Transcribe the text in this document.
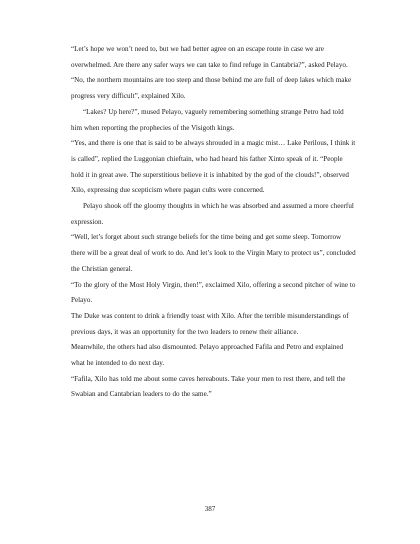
“Let’s hope we won’t need to, but we had better agree on an escape route in case we are overwhelmed. Are there any safer ways we can take to find refuge in Cantabria?”, asked Pelayo.

“No, the northern mountains are too steep and those behind me are full of deep lakes which make progress very difficult”, explained Xilo.

“Lakes? Up here?”, mused Pelayo, vaguely remembering something strange Petro had told him when reporting the prophecies of the Visigoth kings.

“Yes, and there is one that is said to be always shrouded in a magic mist… Lake Perilous, I think it is called”, replied the Luggonian chieftain, who had heard his father Xinto speak of it. “People hold it in great awe. The superstitious believe it is inhabited by the god of the clouds!”, observed Xilo, expressing due scepticism where pagan cults were concerned.

Pelayo shook off the gloomy thoughts in which he was absorbed and assumed a more cheerful expression.

“Well, let’s forget about such strange beliefs for the time being and get some sleep. Tomorrow there will be a great deal of work to do. And let’s look to the Virgin Mary to protect us”, concluded the Christian general.

“To the glory of the Most Holy Virgin, then!”, exclaimed Xilo, offering a second pitcher of wine to Pelayo.

The Duke was content to drink a friendly toast with Xilo. After the terrible misunderstandings of previous days, it was an opportunity for the two leaders to renew their alliance.

Meanwhile, the others had also dismounted. Pelayo approached Fafila and Petro and explained what he intended to do next day.

“Fafila, Xilo has told me about some caves hereabouts. Take your men to rest there, and tell the Swabian and Cantabrian leaders to do the same.”

387
